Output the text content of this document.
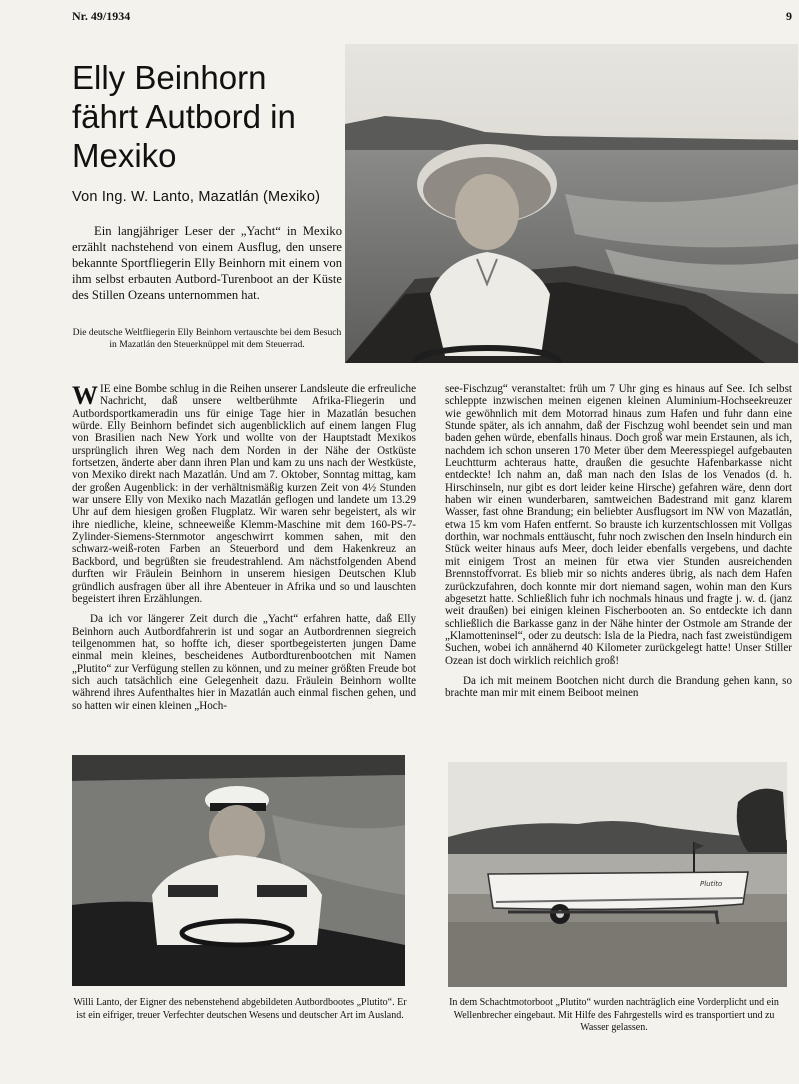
Nr. 49/1934	9
Elly Beinhorn
fährt Autbord in
Mexiko
Von Ing. W. Lanto, Mazatlán (Mexiko)
Ein langjähriger Leser der „Yacht“ in Mexiko erzählt nachstehend von einem Ausflug, den unsere bekannte Sportfliegerin Elly Beinhorn mit einem von ihm selbst erbauten Autbord-Turenboot an der Küste des Stillen Ozeans unternommen hat.
Die deutsche Weltfliegerin Elly Beinhorn vertauschte bei dem Besuch in Mazatlán den Steuerknüppel mit dem Steuerrad.

WIE eine Bombe schlug in die Reihen unserer Landsleute die erfreuliche Nachricht, daß unsere weltberühmte Afrika-Fliegerin und Autbordsportkameradin uns für einige Tage hier in Mazatlán besuchen würde. Elly Beinhorn befindet sich augenblicklich auf einem langen Flug von Brasilien nach New York und wollte von der Hauptstadt Mexikos ursprünglich ihren Weg nach dem Norden in der Nähe der Ostküste fortsetzen, änderte aber dann ihren Plan und kam zu uns nach der Westküste, von Mexiko direkt nach Mazatlán. Und am 7. Oktober, Sonntag mittag, kam der großen Augenblick: in der verhältnismäßig kurzen Zeit von 4½ Stunden war unsere Elly von Mexiko nach Mazatlán geflogen und landete um 13.29 Uhr auf dem hiesigen großen Flugplatz. Wir waren sehr begeistert, als wir ihre niedliche, kleine, schneeweiße Klemm-Maschine mit dem 160-PS-7-Zylinder-Siemens-Sternmotor angeschwirrt kommen sahen, mit den schwarz-weiß-roten Farben an Steuerbord und dem Hakenkreuz an Backbord, und begrüßten sie freudestrahlend. Am nächstfolgenden Abend durften wir Fräulein Beinhorn in unserem hiesigen Deutschen Klub gründlich ausfragen über all ihre Abenteuer in Afrika und so und lauschten begeistert ihren Erzählungen.

Da ich vor längerer Zeit durch die „Yacht“ erfahren hatte, daß Elly Beinhorn auch Autbordfahrerin ist und sogar an Autbordrennen siegreich teilgenommen hat, so hoffte ich, dieser sportbegeisterten jungen Dame einmal mein kleines, bescheidenes Autbordturenbootchen mit Namen „Plutito“ zur Verfügung stellen zu können, und zu meiner größten Freude bot sich auch tatsächlich eine Gelegenheit dazu. Fräulein Beinhorn wollte während ihres Aufenthaltes hier in Mazatlán auch einmal fischen gehen, und so hatten wir einen kleinen „Hoch-

see-Fischzug“ veranstaltet: früh um 7 Uhr ging es hinaus auf See. Ich selbst schleppte inzwischen meinen eigenen kleinen Aluminium-Hochseekreuzer wie gewöhnlich mit dem Motorrad hinaus zum Hafen und fuhr dann eine Stunde später, als ich annahm, daß der Fischzug wohl beendet sein und man baden gehen würde, ebenfalls hinaus. Doch groß war mein Erstaunen, als ich, nachdem ich schon unseren 170 Meter über dem Meeresspiegel aufgebauten Leuchtturm achteraus hatte, draußen die gesuchte Hafenbarkasse nicht entdeckte! Ich nahm an, daß man nach den Islas de los Venados (d. h. Hirschinseln, nur gibt es dort leider keine Hirsche) gefahren wäre, denn dort haben wir einen wunderbaren, samtweichen Badestrand mit ganz klarem Wasser, fast ohne Brandung; ein beliebter Ausflugsort im NW von Mazatlán, etwa 15 km vom Hafen entfernt. So brauste ich kurzentschlossen mit Vollgas dorthin, war nochmals enttäuscht, fuhr noch zwischen den Inseln hindurch ein Stück weiter hinaus aufs Meer, doch leider ebenfalls vergebens, und dachte mit einigem Trost an meinen für etwa vier Stunden ausreichenden Brennstoffvorrat. Es blieb mir so nichts anderes übrig, als nach dem Hafen zurückzufahren, doch konnte mir dort niemand sagen, wohin man den Kurs abgesetzt hatte. Schließlich fuhr ich nochmals hinaus und fragte j. w. d. (janz weit draußen) bei einigen kleinen Fischerbooten an. So entdeckte ich dann schließlich die Barkasse ganz in der Nähe hinter der Ostmole am Strande der „Klamotteninsel“, oder zu deutsch: Isla de la Piedra, nach fast zweistündigem Suchen, wobei ich annähernd 40 Kilometer zurückgelegt hatte! Unser Stiller Ozean ist doch wirklich reichlich groß!

Da ich mit meinem Bootchen nicht durch die Brandung gehen kann, so brachte man mir mit einem Beiboot meinen

Plutito
Willi Lanto, der Eigner des nebenstehend abgebildeten Autbordbootes „Plutito“. Er ist ein eifriger, treuer Verfechter deutschen Wesens und deutscher Art im Ausland.
In dem Schachtmotorboot „Plutito“ wurden nachträglich eine Vorderplicht und ein Wellenbrecher eingebaut. Mit Hilfe des Fahrgestells wird es transportiert und zu Wasser gelassen.
